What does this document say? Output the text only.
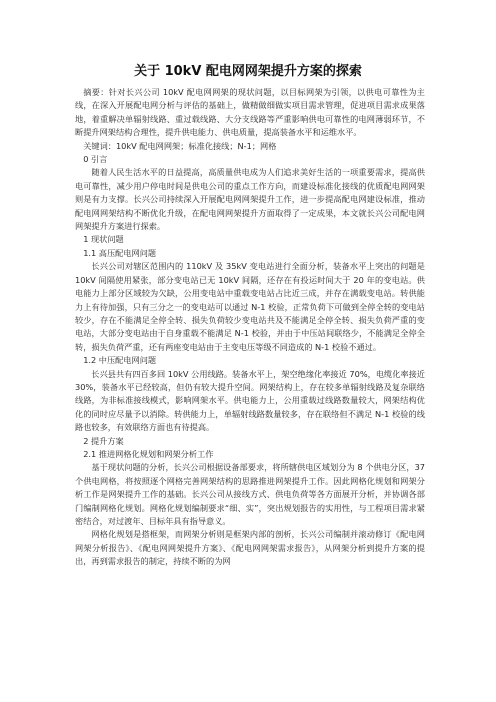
关于 10kV 配电网网架提升方案的探索

摘要：针对长兴公司 10kV 配电网网架的现状问题，以目标网架为引领，以供电可靠性为主线，在深入开展配电网分析与评估的基础上，做精做细做实项目需求管理，促进项目需求成果落地，着重解决单辐射线路、重过载线路、大分支线路等严重影响供电可靠性的电网薄弱环节，不断提升网架结构合理性，提升供电能力、供电质量，提高装备水平和运维水平。

关键词：10kV 配电网网架；标准化接线；N-1；网格

0 引言

随着人民生活水平的日益提高，高质量供电成为人们追求美好生活的一项重要需求，提高供电可靠性，减少用户停电时间是供电公司的重点工作方向，而建设标准化接线的优质配电网网架则是有力支撑。长兴公司持续深入开展配电网网架提升工作，进一步提高配电网建设标准，推动配电网网架结构不断优化升级，在配电网网架提升方面取得了一定成果，本文就长兴公司配电网网架提升方案进行探索。

1 现状问题

1.1 高压配电网问题

长兴公司对辖区范围内的 110kV 及 35kV 变电站进行全面分析，装备水平上突出的问题是 10kV 间隔使用紧张，部分变电站已无 10kV 间隔，还存在有投运时间大于 20 年的变电站。供电能力上部分区域较为欠缺，公用变电站中重载变电站占比近三成，并存在满载变电站。转供能力上有待加强，只有三分之一的变电站可以通过 N-1 校验，正常负荷下可做到全停全转的变电站较少，存在不能满足全停全转、损失负荷较少变电站共及不能满足全停全转、损失负荷严重的变电站，大部分变电站由于自身重载不能满足 N-1 校验，并由于中压站间联络少，不能满足全停全转，损失负荷严重，还有两座变电站由于主变电压等级不同造成的 N-1 校验不通过。

1.2 中压配电网问题

长兴县共有四百多回 10kV 公用线路。装备水平上，架空绝缘化率接近 70%，电缆化率接近 30%，装备水平已经较高，但仍有较大提升空间。网架结构上，存在较多单辐射线路及复杂联络线路，为非标准接线模式，影响网架水平。供电能力上，公用重载过线路数量较大，网架结构优化的同时应尽量予以消除。转供能力上，单辐射线路数量较多，存在联络但不满足 N-1 校验的线路也较多，有效联络方面也有待提高。

2 提升方案

2.1 推进网格化规划和网架分析工作

基于现状问题的分析，长兴公司根据设备部要求，将所辖供电区域划分为 8 个供电分区，37 个供电网格，将按照逐个网格完善网架结构的思路推进网架提升工作。因此网格化规划和网架分析工作是网架提升工作的基础。长兴公司从接线方式、供电负荷等各方面展开分析，并协调各部门编制网格化规划。网格化规划编制要求“细、实”，突出规划报告的实用性，与工程项目需求紧密结合，对过渡年、目标年具有指导意义。

网格化规划是搭框架，而网架分析则是框架内部的剖析，长兴公司编制并滚动修订《配电网网架分析报告》、《配电网网架提升方案》、《配电网网架需求报告》，从网架分析到提升方案的提出，再到需求报告的制定，持续不断的为网
